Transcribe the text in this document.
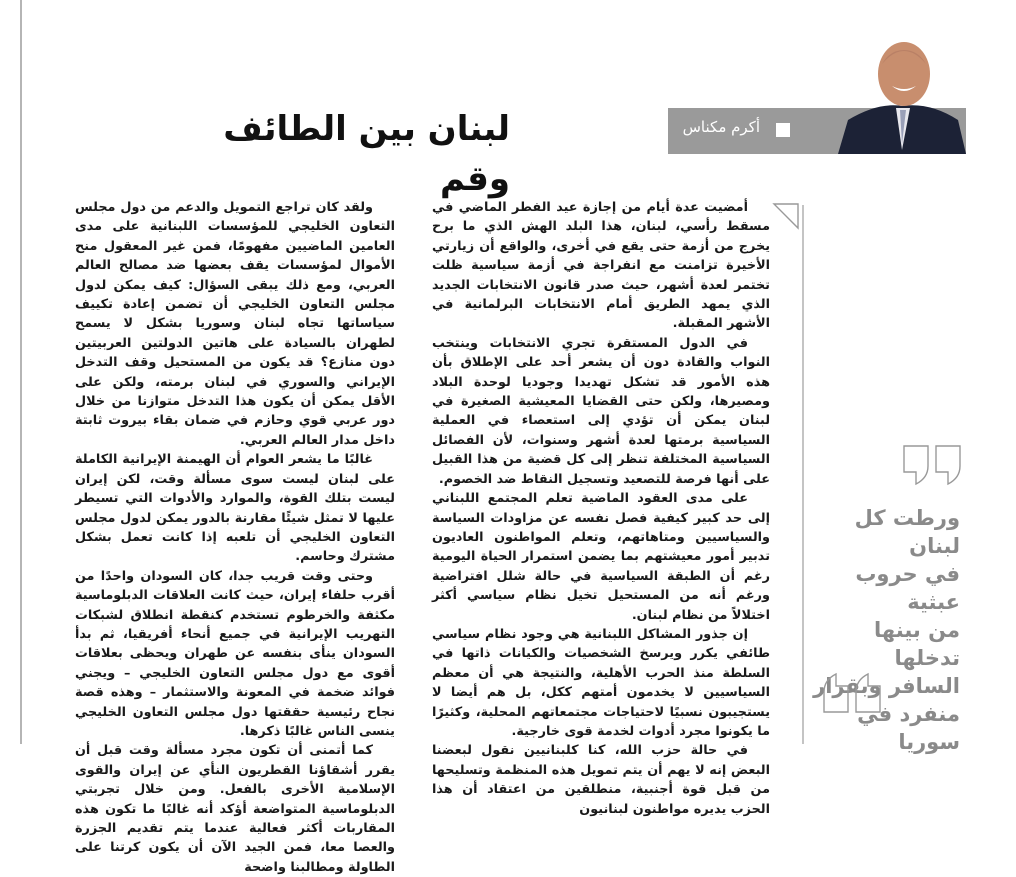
أكرم مكناس
لبنان بين الطائف وقم

أمضيت عدة أيام من إجازة عيد الفطر الماضي في مسقط رأسي، لبنان، هذا البلد الهش الذي ما برح يخرج من أزمة حتى يقع في أخرى، والواقع أن زيارتي الأخيرة تزامنت مع انفراجة في أزمة سياسية ظلت تختمر لعدة أشهر، حيث صدر قانون الانتخابات الجديد الذي يمهد الطريق أمام الانتخابات البرلمانية في الأشهر المقبلة.

في الدول المستقرة تجري الانتخابات وينتخب النواب والقادة دون أن يشعر أحد على الإطلاق بأن هذه الأمور قد تشكل تهديدا وجوديا لوحدة البلاد ومصيرها، ولكن حتى القضايا المعيشية الصغيرة في لبنان يمكن أن تؤدي إلى استعصاء في العملية السياسية برمتها لعدة أشهر وسنوات، لأن الفصائل السياسية المختلفة تنظر إلى كل قضية من هذا القبيل على أنها فرصة للتصعيد وتسجيل النقاط ضد الخصوم.

على مدى العقود الماضية تعلم المجتمع اللبناني إلى حد كبير كيفية فصل نفسه عن مزاودات السياسة والسياسيين ومتاهاتهم، وتعلم المواطنون العاديون تدبير أمور معيشتهم بما يضمن استمرار الحياة اليومية رغم أن الطبقة السياسية في حالة شلل افتراضية ورغم أنه من المستحيل تخيل نظام سياسي أكثر اختلالاً من نظام لبنان.

إن جذور المشاكل اللبنانية هي وجود نظام سياسي طائفي يكرر ويرسخ الشخصيات والكيانات ذاتها في السلطة منذ الحرب الأهلية، والنتيجة هي أن معظم السياسيين لا يخدمون أمتهم ككل، بل هم أيضا لا يستجيبون نسبيًا لاحتياجات مجتمعاتهم المحلية، وكثيرًا ما يكونوا مجرد أدوات لخدمة قوى خارجية.

في حالة حزب الله، كنا كلبنانيين نقول لبعضنا البعض إنه لا يهم أن يتم تمويل هذه المنظمة وتسليحها من قبل قوة أجنبية، منطلقين من اعتقاد أن هذا الحزب يديره مواطنون لبنانيون

ولقد كان تراجع التمويل والدعم من دول مجلس التعاون الخليجي للمؤسسات اللبنانية على مدى العامين الماضيين مفهومًا، فمن غير المعقول منح الأموال لمؤسسات يقف بعضها ضد مصالح العالم العربي، ومع ذلك يبقى السؤال: كيف يمكن لدول مجلس التعاون الخليجي أن تضمن إعادة تكييف سياساتها تجاه لبنان وسوريا بشكل لا يسمح لطهران بالسيادة على هاتين الدولتين العربيتين دون منازع؟ قد يكون من المستحيل وقف التدخل الإيراني والسوري في لبنان برمته، ولكن على الأقل يمكن أن يكون هذا التدخل متوازنا من خلال دور عربي قوي وحازم في ضمان بقاء بيروت ثابتة داخل مدار العالم العربي.

غالبًا ما يشعر العوام أن الهيمنة الإيرانية الكاملة على لبنان ليست سوى مسألة وقت، لكن إيران ليست بتلك القوة، والموارد والأدوات التي تسيطر عليها لا تمثل شيئًا مقارنة بالدور يمكن لدول مجلس التعاون الخليجي أن تلعبه إذا كانت تعمل بشكل مشترك وحاسم.

وحتى وقت قريب جدا، كان السودان واحدًا من أقرب حلفاء إيران، حيث كانت العلاقات الدبلوماسية مكثفة والخرطوم تستخدم كنقطة انطلاق لشبكات التهريب الإيرانية في جميع أنحاء أفريقيا، ثم بدأ السودان ينأى بنفسه عن طهران ويحظى بعلاقات أقوى مع دول مجلس التعاون الخليجي – ويجني فوائد ضخمة في المعونة والاستثمار – وهذه قصة نجاح رئيسية حققتها دول مجلس التعاون الخليجي ينسى الناس غالبًا ذكرها.

كما أتمنى أن تكون مجرد مسألة وقت قبل أن يقرر أشقاؤنا القطريون النأي عن إيران والقوى الإسلامية الأخرى بالفعل. ومن خلال تجربتي الدبلوماسية المتواضعة أؤكد أنه غالبًا ما تكون هذه المقاربات أكثر فعالية عندما يتم تقديم الجزرة والعصا معا، فمن الجيد الآن أن يكون كرتنا على الطاولة ومطالبنا واضحة

ورطت كل لبنان
في حروب عبثية
من بينها تدخلها
السافر وبقرار
منفرد في سوريا
